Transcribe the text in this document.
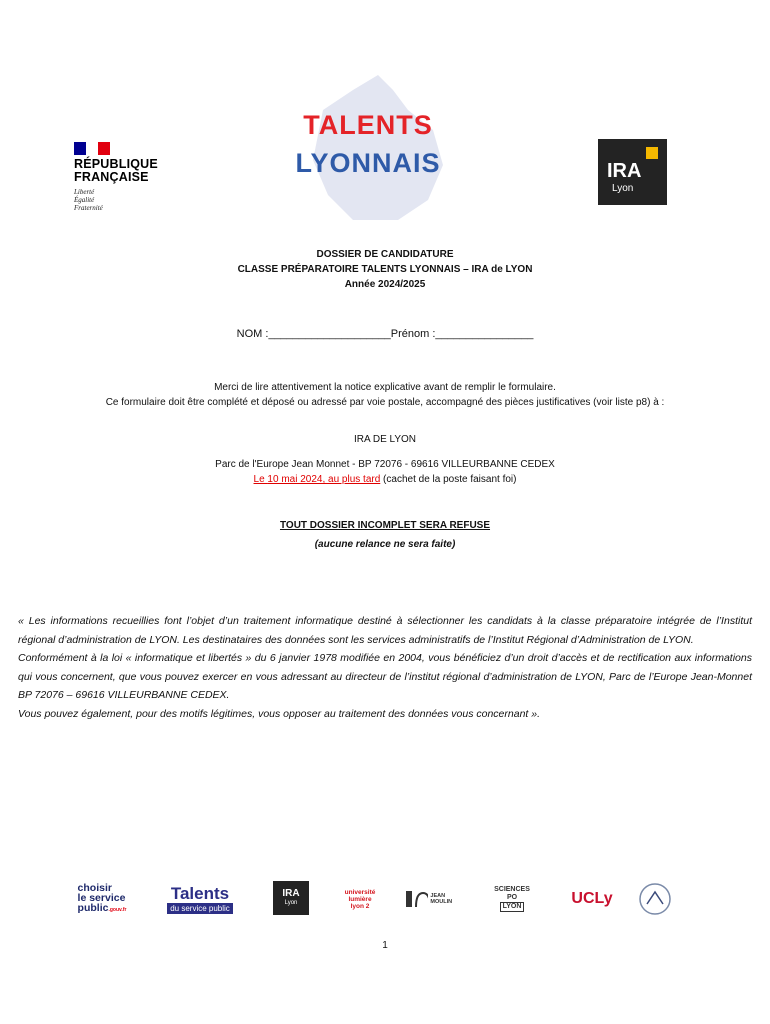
RÉPUBLIQUE
FRANÇAISE
Liberté
Égalité
Fraternité
TALENTS
LYONNAIS	IRA
Lyon
DOSSIER DE CANDIDATURE
CLASSE PRÉPARATOIRE TALENTS LYONNAIS – IRA de LYON
Année 2024/2025
NOM :____________________Prénom :________________
Merci de lire attentivement la notice explicative avant de remplir le formulaire.
Ce formulaire doit être complété et déposé ou adressé par voie postale, accompagné des pièces justificatives (voir liste p8) à :
IRA DE LYON
Parc de l'Europe Jean Monnet - BP 72076 - 69616 VILLEURBANNE CEDEX
Le 10 mai 2024, au plus tard (cachet de la poste faisant foi)
TOUT DOSSIER INCOMPLET SERA REFUSE
(aucune relance ne sera faite)

« Les informations recueillies font l’objet d’un traitement informatique destiné à sélectionner les candidats à la classe préparatoire intégrée de l’Institut régional d’administration de LYON. Les destinataires des données sont les services administratifs de l’Institut Régional d’Administration de LYON.

Conformément à la loi « informatique et libertés » du 6 janvier 1978 modifiée en 2004, vous bénéficiez d’un droit d’accès et de rectification aux informations qui vous concernent, que vous pouvez exercer en vous adressant au directeur de l’institut régional d’administration de LYON, Parc de l’Europe Jean-Monnet BP 72076 – 69616 VILLEURBANNE CEDEX.

Vous pouvez également, pour des motifs légitimes, vous opposer au traitement des données vous concernant ».

choisir
le service
public.gouv.fr
Talents
du service public
IRA
Lyon
université
lumière
lyon 2
JEAN MOULIN
SCIENCES
PO
LYON	UCLy
1
